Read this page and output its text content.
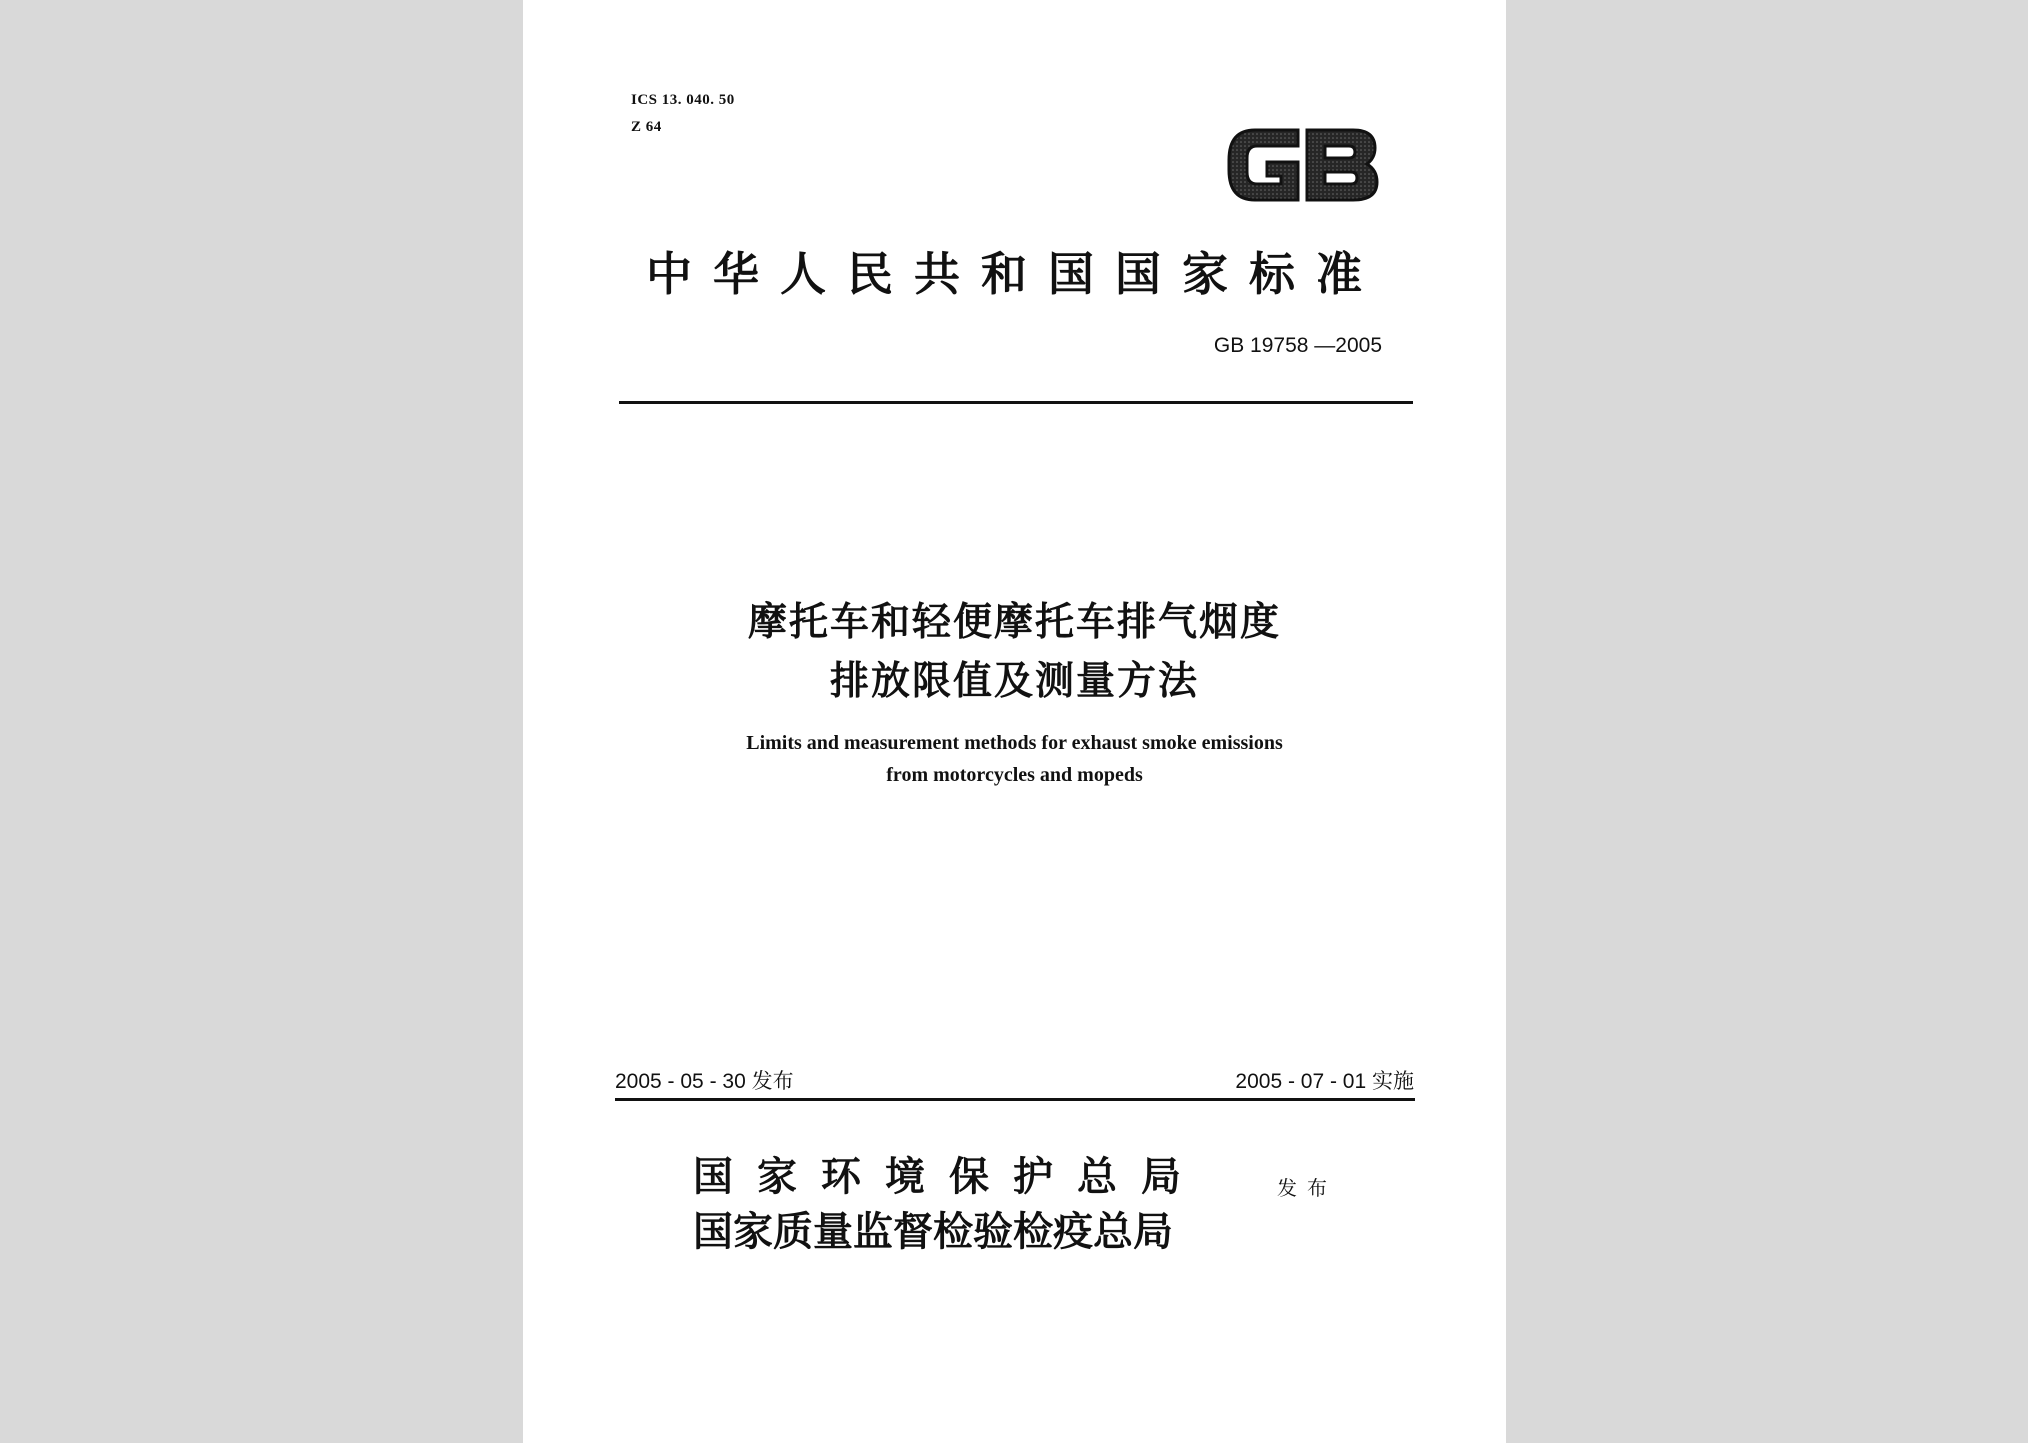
ICS 13. 040. 50

Z 64

中华人民共和国国家标准

GB 19758 —2005

摩托车和轻便摩托车排气烟度

排放限值及测量方法

Limits and measurement methods for exhaust smoke emissions

from motorcycles and mopeds

2005 - 05 - 30 发布	2005 - 07 - 01 实施

国家环境保护总局

国家质量监督检验检疫总局

发布
